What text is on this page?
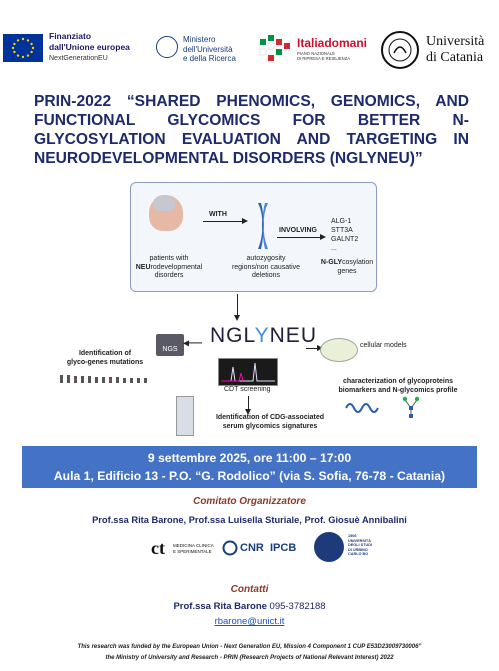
Finanziato
dall'Unione europea
NextGenerationEU
Ministero
dell'Università
e della Ricerca
Italiadomani
PIANO NAZIONALE
DI RIPRESA E RESILIENZA
Università
di Catania
PRIN-2022 “SHARED PHENOMICS, GENOMICS, AND FUNCTIONAL GLYCOMICS FOR BETTER N-GLYCOSYLATION EVALUATION AND TARGETING IN NEURODEVELOPMENTAL DISORDERS (NGLYNEU)”
patients with
NEUrodevelopmental
disorders
WITH
autozygosity
regions/non causative
deletions
INVOLVING
ALG-1
STT3A
GALNT2
...
N-GLYcosylation
genes
NGLYNEU
NGS
Identification of
glyco-genes mutations
CDT screening
Identification of CDG-associated
serum glycomics signatures
cellular models
characterization of glycoproteins
biomarkers and N-glycomics profile
9 settembre 2025, ore 11:00 – 17:00
Aula 1, Edificio 13 - P.O. “G. Rodolico” (via S. Sofia, 76-78 - Catania)
Comitato Organizzatore
Prof.ssa Rita Barone, Prof.ssa Luisella Sturiale, Prof. Giosuè Annibalini
ct MEDICINA CLINICA
E SPERIMENTALE	CNR IPCB
1506
UNIVERSITÀ
DEGLI STUDI
DI URBINO
CARLO BO
Contatti
Prof.ssa Rita Barone 095-3782188
rbarone@unict.it
This research was funded by the European Union - Next Generation EU, Mission 4 Component 1 CUP E53D23009730006”
the Ministry of University and Research - PRIN (Research Projects of National Relevant Interest) 2022
